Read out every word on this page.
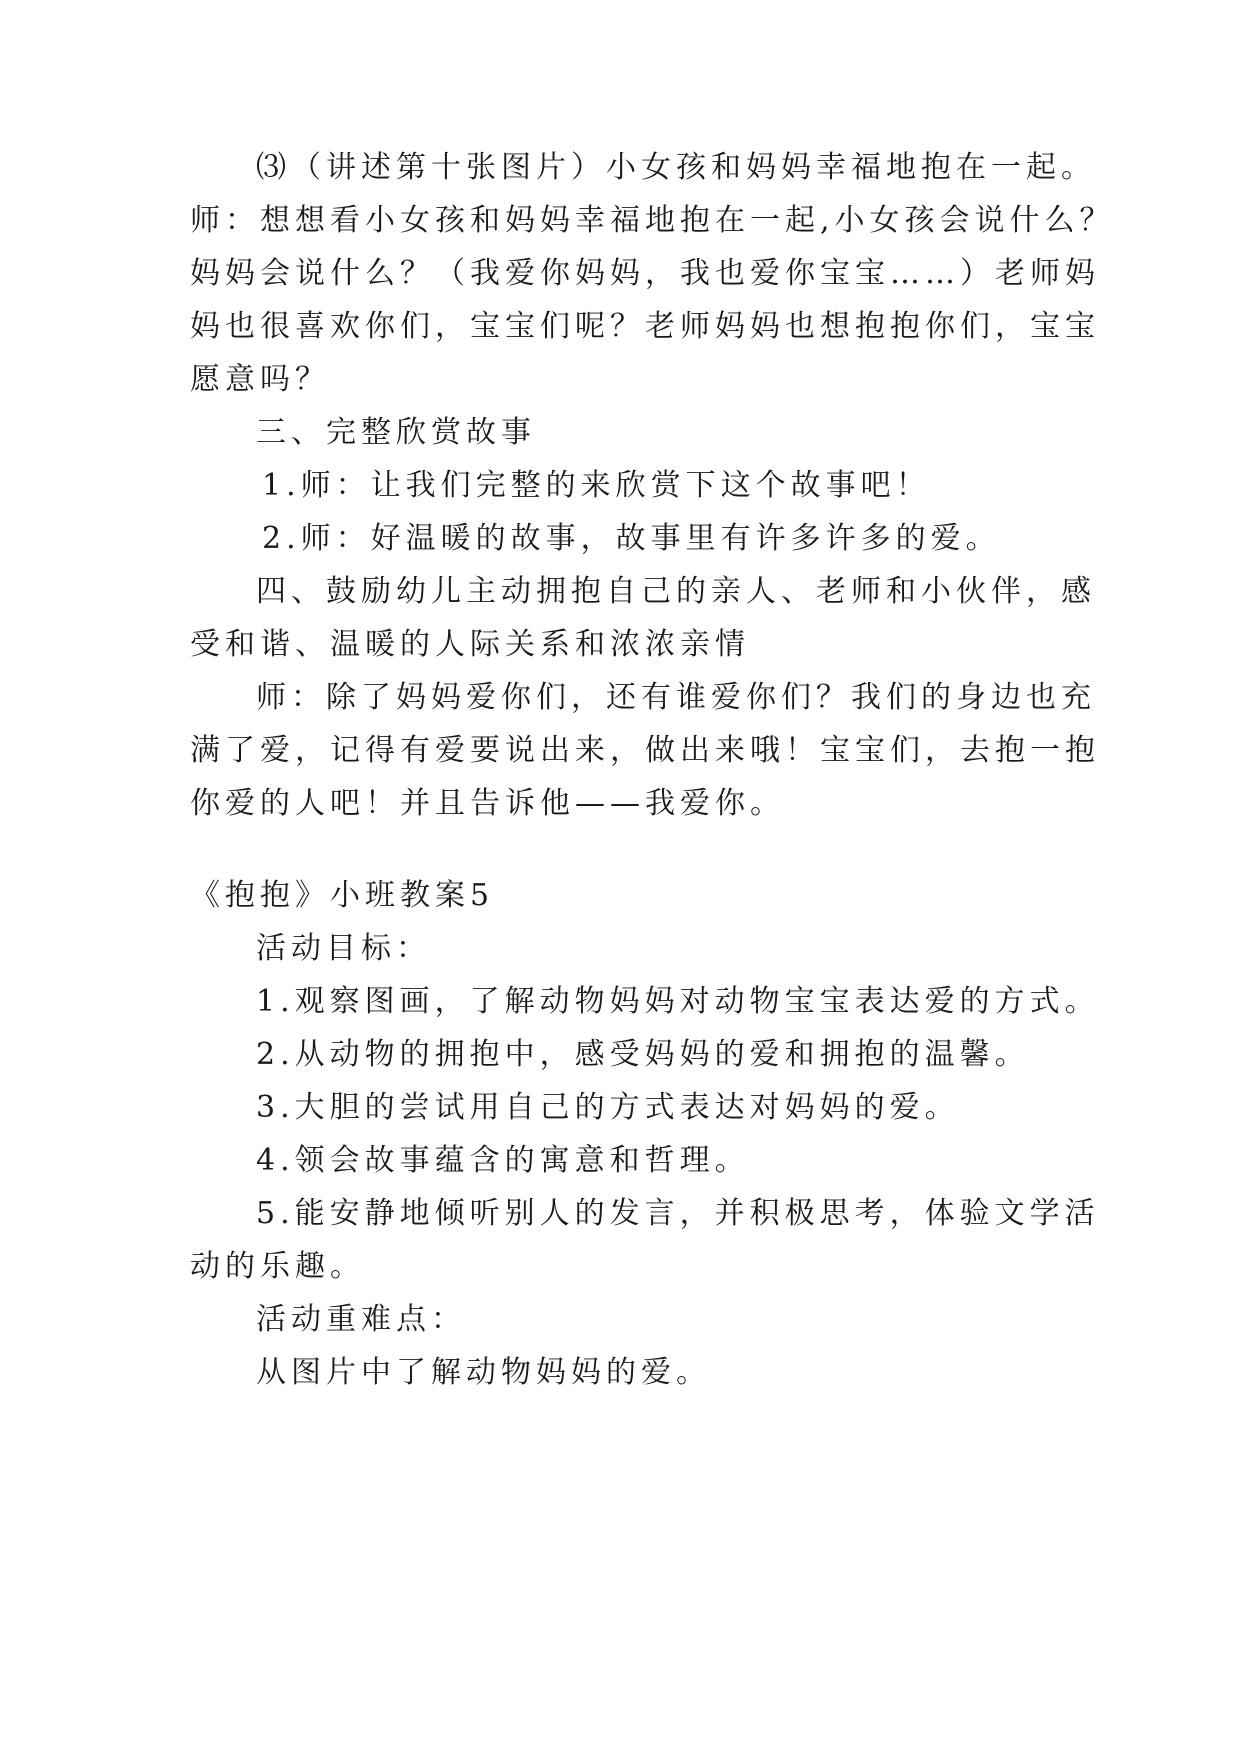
⑶（讲述第十张图片）小女孩和妈妈幸福地抱在一起。
师：想想看小女孩和妈妈幸福地抱在一起,小女孩会说什么？
妈妈会说什么？（我爱你妈妈，我也爱你宝宝……）老师妈
妈也很喜欢你们，宝宝们呢？老师妈妈也想抱抱你们，宝宝
愿意吗？
三、完整欣赏故事
1.师：让我们完整的来欣赏下这个故事吧！
2.师：好温暖的故事，故事里有许多许多的爱。
四、鼓励幼儿主动拥抱自己的亲人、老师和小伙伴，感
受和谐、温暖的人际关系和浓浓亲情
师：除了妈妈爱你们，还有谁爱你们？我们的身边也充
满了爱，记得有爱要说出来，做出来哦！宝宝们，去抱一抱
你爱的人吧！并且告诉他——我爱你。
《抱抱》小班教案5
活动目标：
1.观察图画，了解动物妈妈对动物宝宝表达爱的方式。
2.从动物的拥抱中，感受妈妈的爱和拥抱的温馨。
3.大胆的尝试用自己的方式表达对妈妈的爱。
4.领会故事蕴含的寓意和哲理。
5.能安静地倾听别人的发言，并积极思考，体验文学活
动的乐趣。
活动重难点：
从图片中了解动物妈妈的爱。
